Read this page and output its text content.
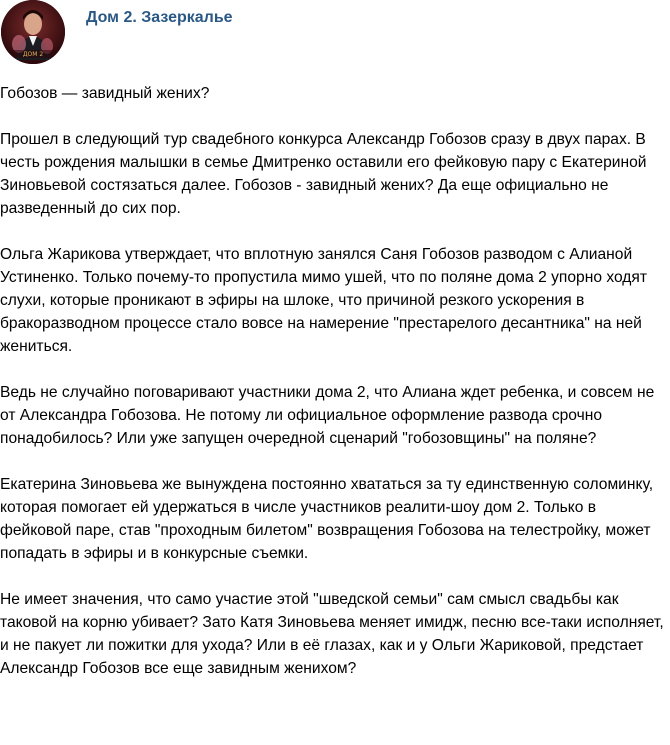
ДОМ 2
Дом 2. Зазеркалье

Гобозов — завидный жених?

Прошел в следующий тур свадебного конкурса Александр Гобозов сразу в двух парах. В честь рождения малышки в семье Дмитренко оставили его фейковую пару с Екатериной Зиновьевой состязаться далее. Гобозов - завидный жених? Да еще официально не разведенный до сих пор.

Ольга Жарикова утверждает, что вплотную занялся Саня Гобозов разводом с Алианой Устиненко. Только почему-то пропустила мимо ушей, что по поляне дома 2 упорно ходят слухи, которые проникают в эфиры на шлоке, что причиной резкого ускорения в бракоразводном процессе стало вовсе на намерение "престарелого десантника" на ней жениться.

Ведь не случайно поговаривают участники дома 2, что Алиана ждет ребенка, и совсем не от Александра Гобозова. Не потому ли официальное оформление развода срочно понадобилось? Или уже запущен очередной сценарий "гобозовщины" на поляне?

Екатерина Зиновьева же вынуждена постоянно хвататься за ту единственную соломинку, которая помогает ей удержаться в числе участников реалити-шоу дом 2. Только в фейковой паре, став "проходным билетом" возвращения Гобозова на телестройку, может попадать в эфиры и в конкурсные съемки.

Не имеет значения, что само участие этой "шведской семьи" сам смысл свадьбы как таковой на корню убивает? Зато Катя Зиновьева меняет имидж, песню все-таки исполняет, и не пакует ли пожитки для ухода? Или в её глазах, как и у Ольги Жариковой, предстает Александр Гобозов все еще завидным женихом?
